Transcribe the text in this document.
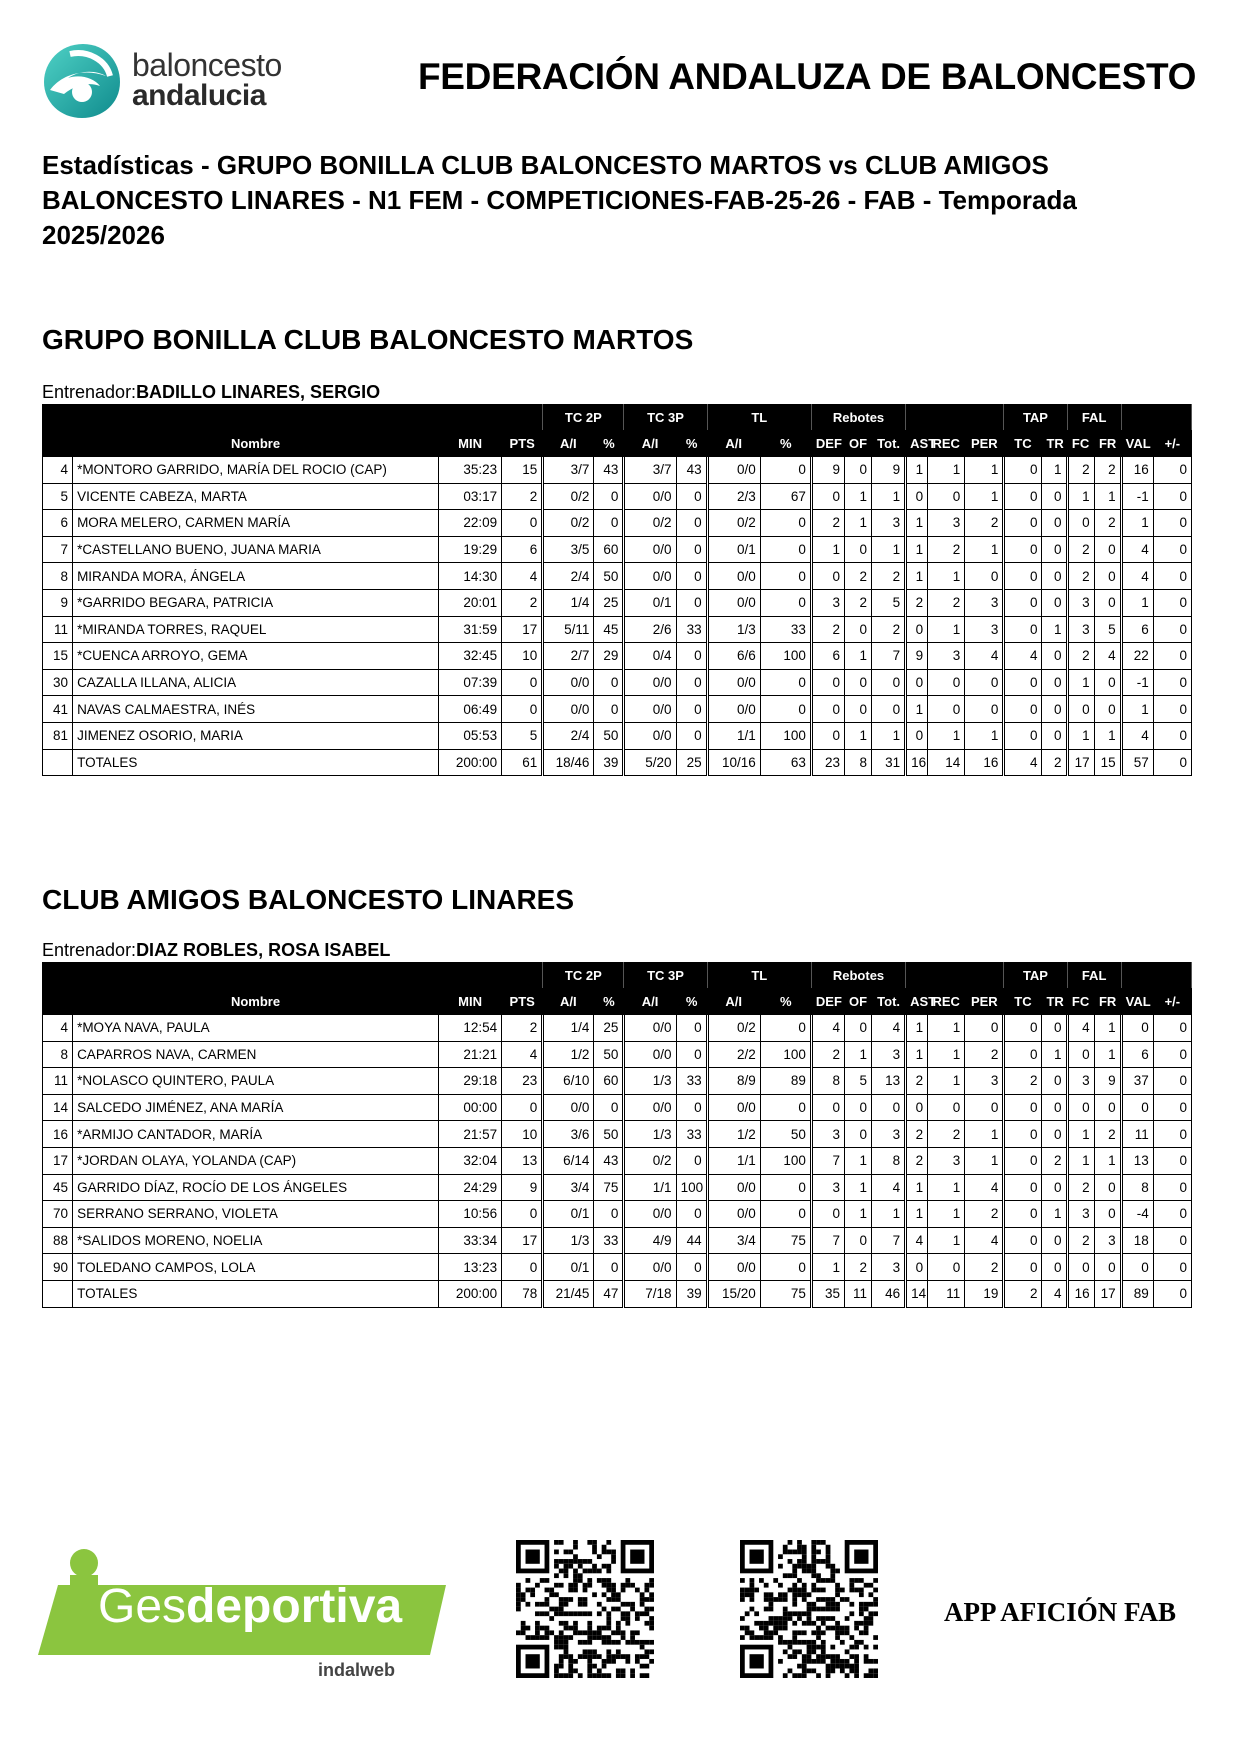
baloncesto
andalucia	FEDERACIÓN ANDALUZA DE BALONCESTO
Estadísticas - GRUPO BONILLA CLUB BALONCESTO MARTOS vs CLUB AMIGOS BALONCESTO LINARES - N1 FEM - COMPETICIONES-FAB-25-26 - FAB - Temporada 2025/2026
GRUPO BONILLA CLUB BALONCESTO MARTOS
Entrenador:BADILLO LINARES, SERGIO
				TC 2P		TC 3P		TL		Rebotes						TAP		FAL			
	Nombre	MIN	PTS	A/I	%	A/I	%	A/I	%	DEF	OF	Tot.	AST	REC	PER	TC	TR	FC	FR	VAL	+/-
4	*MONTORO GARRIDO, MARÍA DEL ROCIO (CAP)	35:23	15	3/7	43	3/7	43	0/0	0	9	0	9	1	1	1	0	1	2	2	16	0
5	VICENTE CABEZA, MARTA	03:17	2	0/2	0	0/0	0	2/3	67	0	1	1	0	0	1	0	0	1	1	-1	0
6	MORA MELERO, CARMEN MARÍA	22:09	0	0/2	0	0/2	0	0/2	0	2	1	3	1	3	2	0	0	0	2	1	0
7	*CASTELLANO BUENO, JUANA MARIA	19:29	6	3/5	60	0/0	0	0/1	0	1	0	1	1	2	1	0	0	2	0	4	0
8	MIRANDA MORA, ÁNGELA	14:30	4	2/4	50	0/0	0	0/0	0	0	2	2	1	1	0	0	0	2	0	4	0
9	*GARRIDO BEGARA, PATRICIA	20:01	2	1/4	25	0/1	0	0/0	0	3	2	5	2	2	3	0	0	3	0	1	0
11	*MIRANDA TORRES, RAQUEL	31:59	17	5/11	45	2/6	33	1/3	33	2	0	2	0	1	3	0	1	3	5	6	0
15	*CUENCA ARROYO, GEMA	32:45	10	2/7	29	0/4	0	6/6	100	6	1	7	9	3	4	4	0	2	4	22	0
30	CAZALLA ILLANA, ALICIA	07:39	0	0/0	0	0/0	0	0/0	0	0	0	0	0	0	0	0	0	1	0	-1	0
41	NAVAS CALMAESTRA, INÉS	06:49	0	0/0	0	0/0	0	0/0	0	0	0	0	1	0	0	0	0	0	0	1	0
81	JIMENEZ OSORIO, MARIA	05:53	5	2/4	50	0/0	0	1/1	100	0	1	1	0	1	1	0	0	1	1	4	0
	TOTALES	200:00	61	18/46	39	5/20	25	10/16	63	23	8	31	16	14	16	4	2	17	15	57	0
CLUB AMIGOS BALONCESTO LINARES
Entrenador:DIAZ ROBLES, ROSA ISABEL
				TC 2P		TC 3P		TL		Rebotes						TAP		FAL			
	Nombre	MIN	PTS	A/I	%	A/I	%	A/I	%	DEF	OF	Tot.	AST	REC	PER	TC	TR	FC	FR	VAL	+/-
4	*MOYA NAVA, PAULA	12:54	2	1/4	25	0/0	0	0/2	0	4	0	4	1	1	0	0	0	4	1	0	0
8	CAPARROS NAVA, CARMEN	21:21	4	1/2	50	0/0	0	2/2	100	2	1	3	1	1	2	0	1	0	1	6	0
11	*NOLASCO QUINTERO, PAULA	29:18	23	6/10	60	1/3	33	8/9	89	8	5	13	2	1	3	2	0	3	9	37	0
14	SALCEDO JIMÉNEZ, ANA MARÍA	00:00	0	0/0	0	0/0	0	0/0	0	0	0	0	0	0	0	0	0	0	0	0	0
16	*ARMIJO CANTADOR, MARÍA	21:57	10	3/6	50	1/3	33	1/2	50	3	0	3	2	2	1	0	0	1	2	11	0
17	*JORDAN OLAYA, YOLANDA (CAP)	32:04	13	6/14	43	0/2	0	1/1	100	7	1	8	2	3	1	0	2	1	1	13	0
45	GARRIDO DÍAZ, ROCÍO DE LOS ÁNGELES	24:29	9	3/4	75	1/1	100	0/0	0	3	1	4	1	1	4	0	0	2	0	8	0
70	SERRANO SERRANO, VIOLETA	10:56	0	0/1	0	0/0	0	0/0	0	0	1	1	1	1	2	0	1	3	0	-4	0
88	*SALIDOS MORENO, NOELIA	33:34	17	1/3	33	4/9	44	3/4	75	7	0	7	4	1	4	0	0	2	3	18	0
90	TOLEDANO CAMPOS, LOLA	13:23	0	0/1	0	0/0	0	0/0	0	1	2	3	0	0	2	0	0	0	0	0	0
	TOTALES	200:00	78	21/45	47	7/18	39	15/20	75	35	11	46	14	11	19	2	4	16	17	89	0
Gesdeportiva
indalweb
APP AFICIÓN FAB
